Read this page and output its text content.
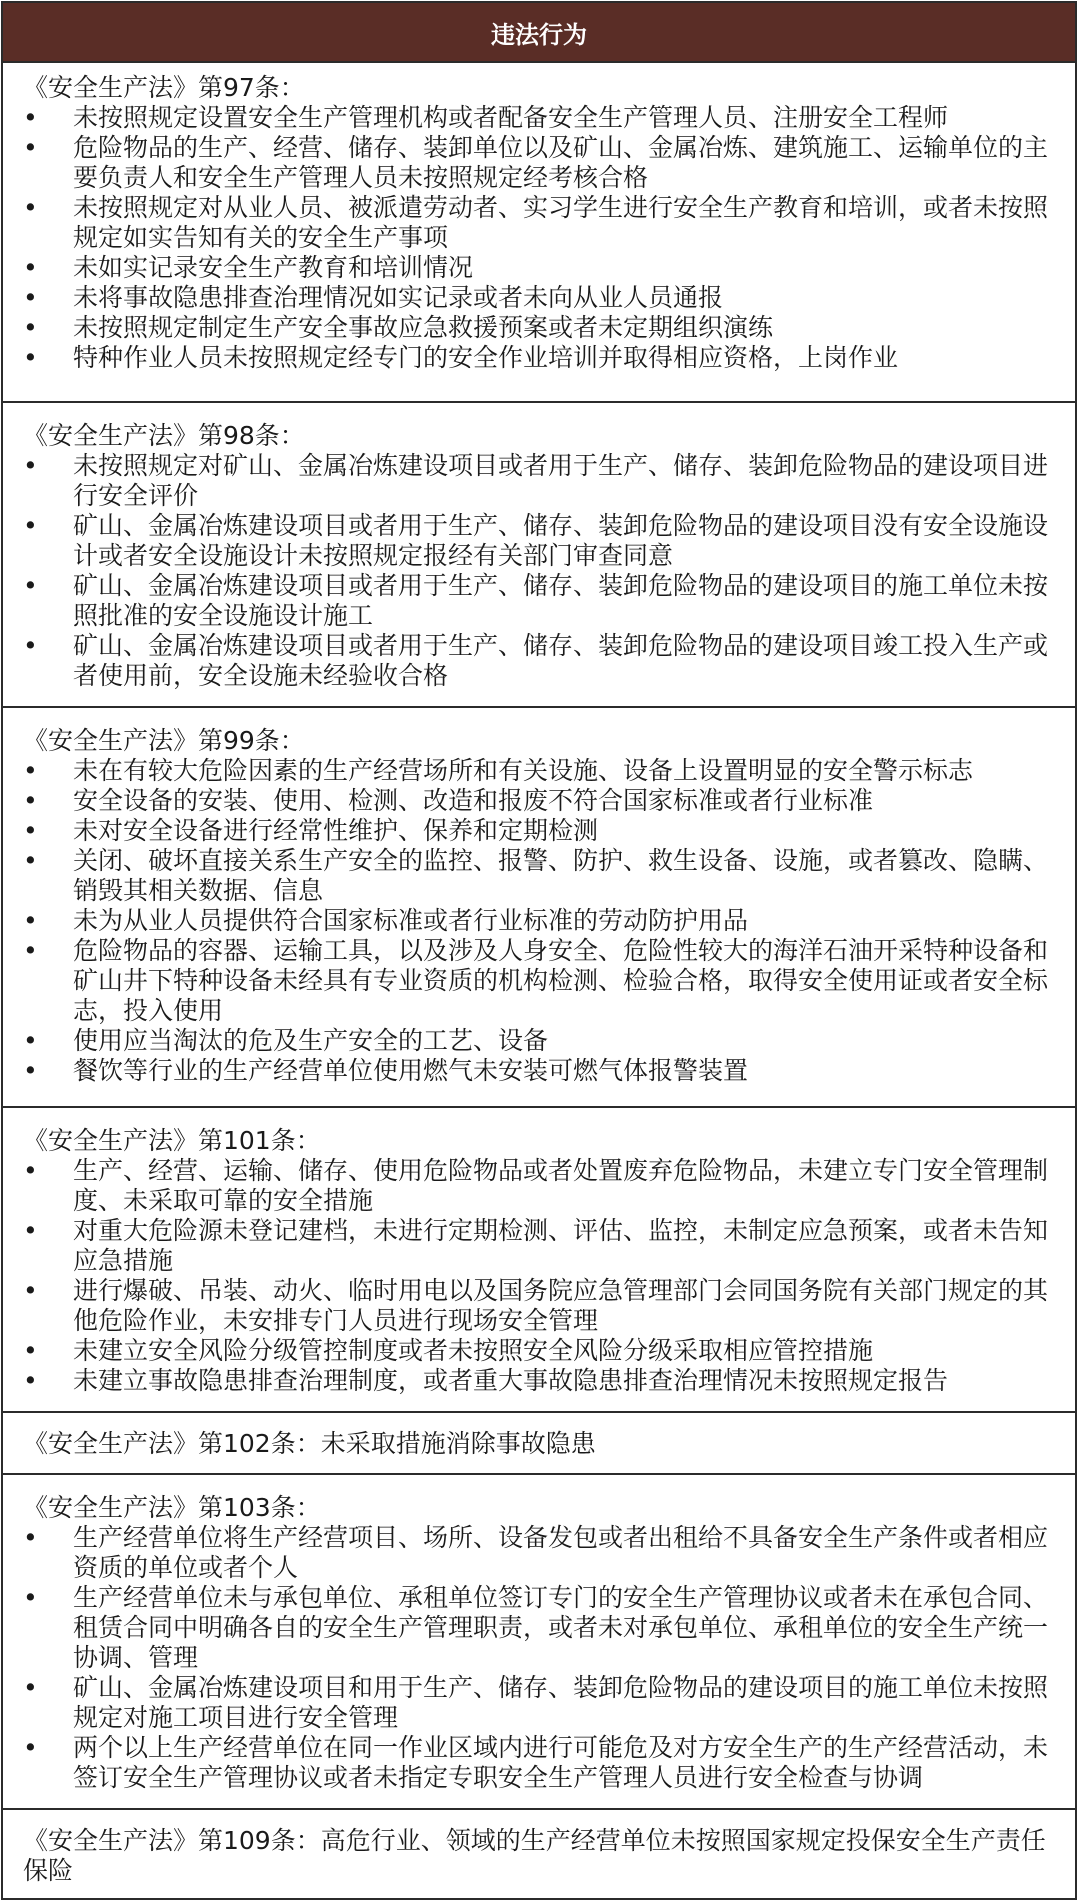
违法行为
《安全生产法》第97条：
• 未按照规定设置安全生产管理机构或者配备安全生产管理人员、注册安全工程师
• 危险物品的生产、经营、储存、装卸单位以及矿山、金属冶炼、建筑施工、运输单位的主要负责人和安全生产管理人员未按照规定经考核合格
• 未按照规定对从业人员、被派遣劳动者、实习学生进行安全生产教育和培训，或者未按照规定如实告知有关的安全生产事项
• 未如实记录安全生产教育和培训情况
• 未将事故隐患排查治理情况如实记录或者未向从业人员通报
• 未按照规定制定生产安全事故应急救援预案或者未定期组织演练
• 特种作业人员未按照规定经专门的安全作业培训并取得相应资格，上岗作业
《安全生产法》第98条：
• 未按照规定对矿山、金属冶炼建设项目或者用于生产、储存、装卸危险物品的建设项目进行安全评价
• 矿山、金属冶炼建设项目或者用于生产、储存、装卸危险物品的建设项目没有安全设施设计或者安全设施设计未按照规定报经有关部门审查同意
• 矿山、金属冶炼建设项目或者用于生产、储存、装卸危险物品的建设项目的施工单位未按照批准的安全设施设计施工
• 矿山、金属冶炼建设项目或者用于生产、储存、装卸危险物品的建设项目竣工投入生产或者使用前，安全设施未经验收合格
《安全生产法》第99条：
• 未在有较大危险因素的生产经营场所和有关设施、设备上设置明显的安全警示标志
• 安全设备的安装、使用、检测、改造和报废不符合国家标准或者行业标准
• 未对安全设备进行经常性维护、保养和定期检测
• 关闭、破坏直接关系生产安全的监控、报警、防护、救生设备、设施，或者篡改、隐瞒、销毁其相关数据、信息
• 未为从业人员提供符合国家标准或者行业标准的劳动防护用品
• 危险物品的容器、运输工具，以及涉及人身安全、危险性较大的海洋石油开采特种设备和矿山井下特种设备未经具有专业资质的机构检测、检验合格，取得安全使用证或者安全标志，投入使用
• 使用应当淘汰的危及生产安全的工艺、设备
• 餐饮等行业的生产经营单位使用燃气未安装可燃气体报警装置
《安全生产法》第101条：
• 生产、经营、运输、储存、使用危险物品或者处置废弃危险物品，未建立专门安全管理制度、未采取可靠的安全措施
• 对重大危险源未登记建档，未进行定期检测、评估、监控，未制定应急预案，或者未告知应急措施
• 进行爆破、吊装、动火、临时用电以及国务院应急管理部门会同国务院有关部门规定的其他危险作业，未安排专门人员进行现场安全管理
• 未建立安全风险分级管控制度或者未按照安全风险分级采取相应管控措施
• 未建立事故隐患排查治理制度，或者重大事故隐患排查治理情况未按照规定报告
《安全生产法》第102条：未采取措施消除事故隐患
《安全生产法》第103条：
• 生产经营单位将生产经营项目、场所、设备发包或者出租给不具备安全生产条件或者相应资质的单位或者个人
• 生产经营单位未与承包单位、承租单位签订专门的安全生产管理协议或者未在承包合同、租赁合同中明确各自的安全生产管理职责，或者未对承包单位、承租单位的安全生产统一协调、管理
• 矿山、金属冶炼建设项目和用于生产、储存、装卸危险物品的建设项目的施工单位未按照规定对施工项目进行安全管理
• 两个以上生产经营单位在同一作业区域内进行可能危及对方安全生产的生产经营活动，未签订安全生产管理协议或者未指定专职安全生产管理人员进行安全检查与协调
《安全生产法》第109条：高危行业、领域的生产经营单位未按照国家规定投保安全生产责任保险
